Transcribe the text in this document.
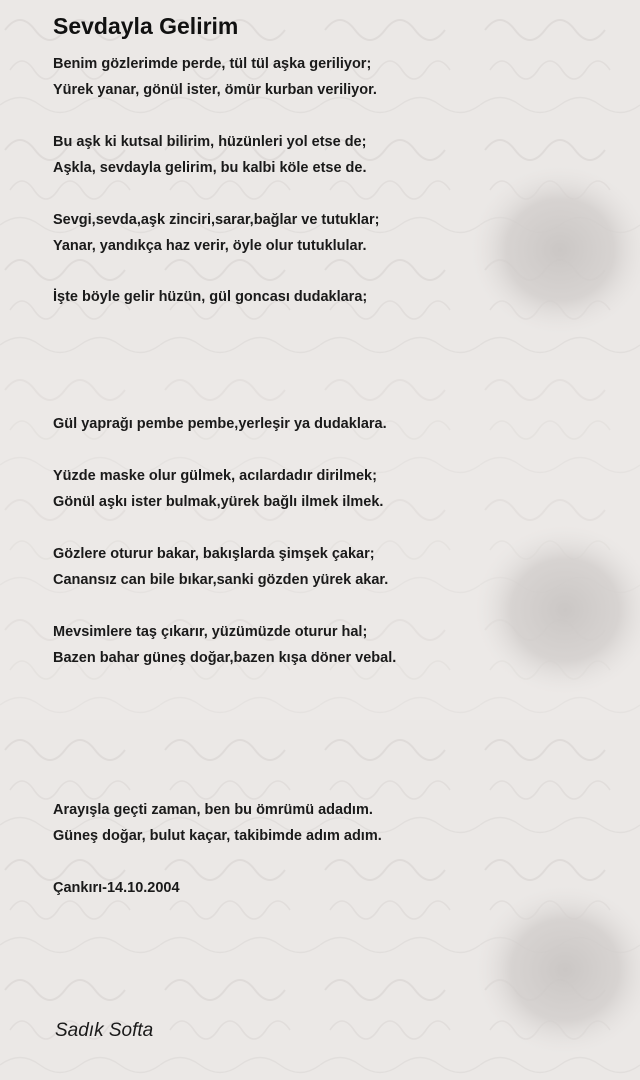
Sevdayla Gelirim
Benim gözlerimde perde, tül tül aşka geriliyor;
Yürek yanar, gönül ister, ömür kurban veriliyor.
Bu aşk ki kutsal bilirim, hüzünleri yol etse de;
Aşkla, sevdayla gelirim, bu kalbi köle etse de.
Sevgi,sevda,aşk zinciri,sarar,bağlar ve tutuklar;
Yanar, yandıkça haz verir, öyle olur tutuklular.
İşte böyle gelir hüzün, gül goncası dudaklara;
Gül yaprağı pembe pembe,yerleşir ya dudaklara.
Yüzde maske olur gülmek, acılardadır dirilmek;
Gönül aşkı ister bulmak,yürek bağlı ilmek ilmek.
Gözlere oturur bakar, bakışlarda şimşek çakar;
Canansız can bile bıkar,sanki gözden yürek akar.
Mevsimlere taş çıkarır, yüzümüzde oturur hal;
Bazen bahar güneş doğar,bazen kışa döner vebal.
Arayışla geçti zaman, ben bu ömrümü adadım.
Güneş doğar, bulut kaçar, takibimde adım adım.
Çankırı-14.10.2004
Sadık Softa
